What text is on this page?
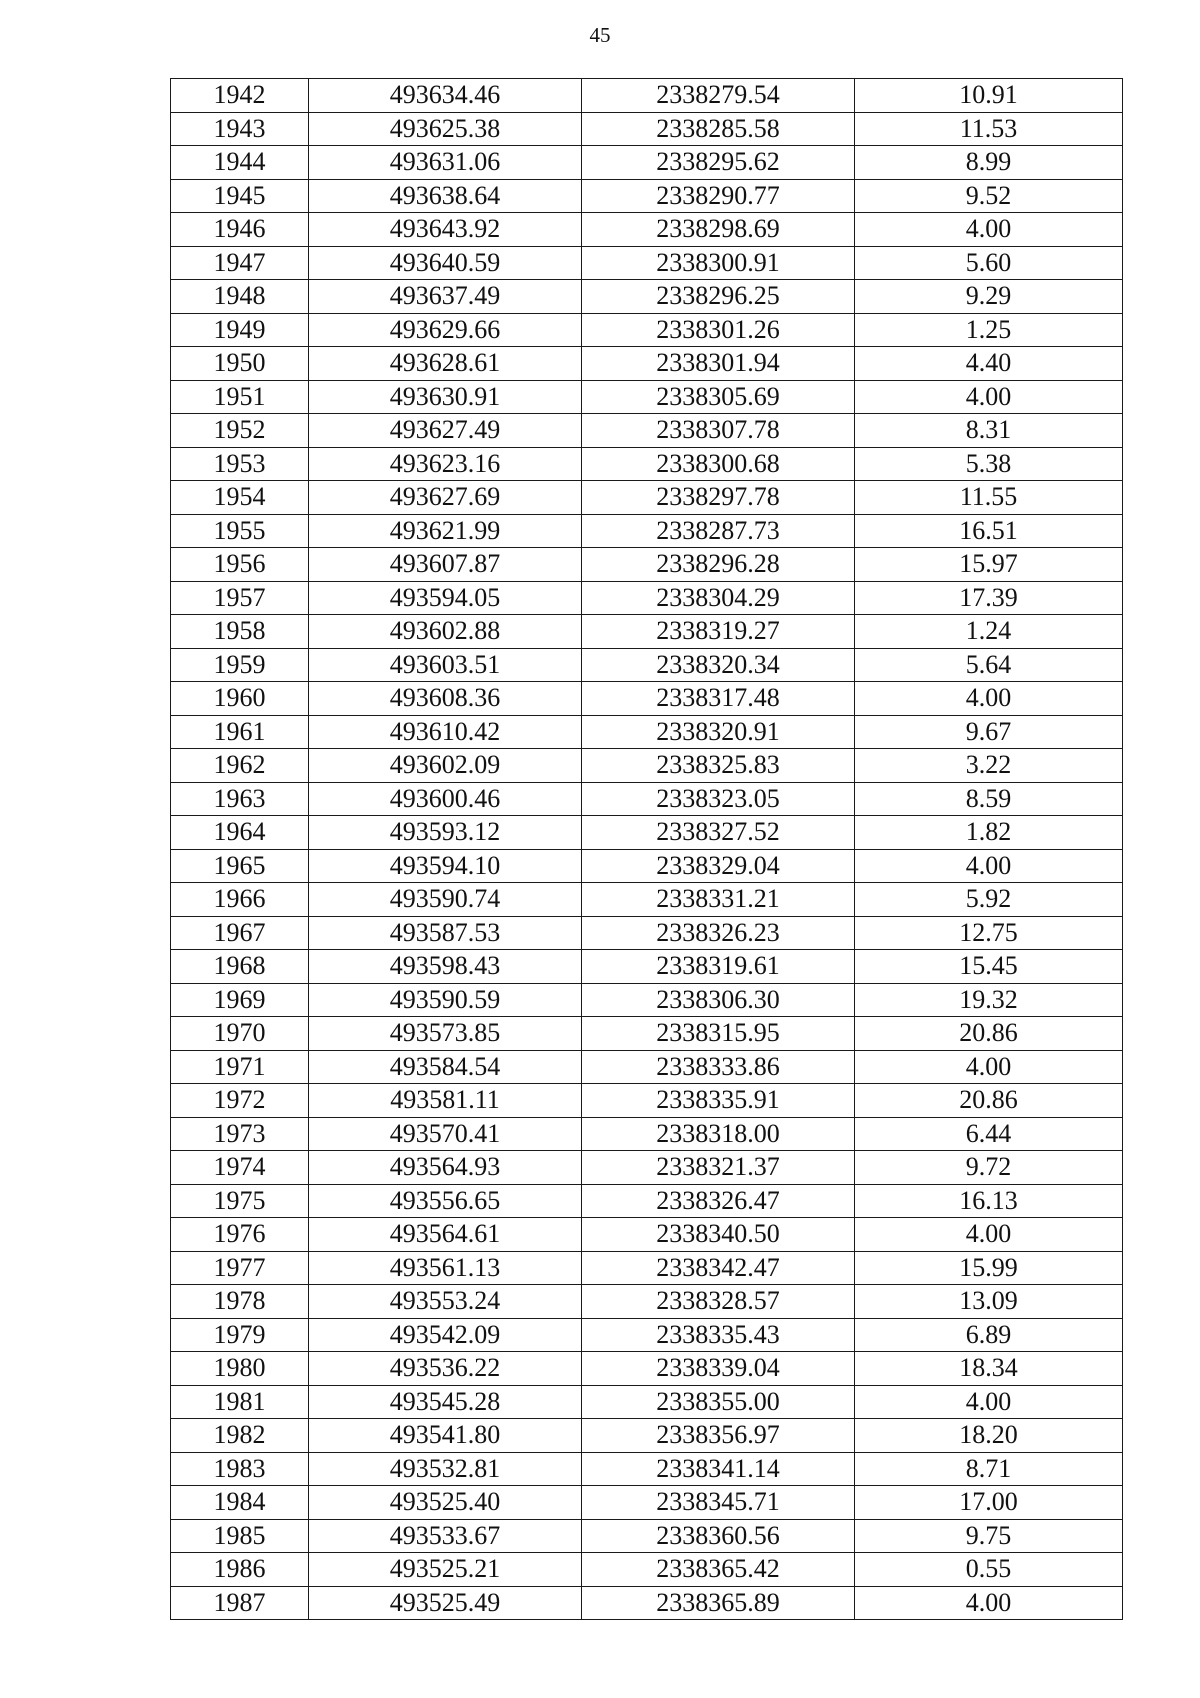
45
1942	493634.46	2338279.54	10.91
1943	493625.38	2338285.58	11.53
1944	493631.06	2338295.62	8.99
1945	493638.64	2338290.77	9.52
1946	493643.92	2338298.69	4.00
1947	493640.59	2338300.91	5.60
1948	493637.49	2338296.25	9.29
1949	493629.66	2338301.26	1.25
1950	493628.61	2338301.94	4.40
1951	493630.91	2338305.69	4.00
1952	493627.49	2338307.78	8.31
1953	493623.16	2338300.68	5.38
1954	493627.69	2338297.78	11.55
1955	493621.99	2338287.73	16.51
1956	493607.87	2338296.28	15.97
1957	493594.05	2338304.29	17.39
1958	493602.88	2338319.27	1.24
1959	493603.51	2338320.34	5.64
1960	493608.36	2338317.48	4.00
1961	493610.42	2338320.91	9.67
1962	493602.09	2338325.83	3.22
1963	493600.46	2338323.05	8.59
1964	493593.12	2338327.52	1.82
1965	493594.10	2338329.04	4.00
1966	493590.74	2338331.21	5.92
1967	493587.53	2338326.23	12.75
1968	493598.43	2338319.61	15.45
1969	493590.59	2338306.30	19.32
1970	493573.85	2338315.95	20.86
1971	493584.54	2338333.86	4.00
1972	493581.11	2338335.91	20.86
1973	493570.41	2338318.00	6.44
1974	493564.93	2338321.37	9.72
1975	493556.65	2338326.47	16.13
1976	493564.61	2338340.50	4.00
1977	493561.13	2338342.47	15.99
1978	493553.24	2338328.57	13.09
1979	493542.09	2338335.43	6.89
1980	493536.22	2338339.04	18.34
1981	493545.28	2338355.00	4.00
1982	493541.80	2338356.97	18.20
1983	493532.81	2338341.14	8.71
1984	493525.40	2338345.71	17.00
1985	493533.67	2338360.56	9.75
1986	493525.21	2338365.42	0.55
1987	493525.49	2338365.89	4.00
